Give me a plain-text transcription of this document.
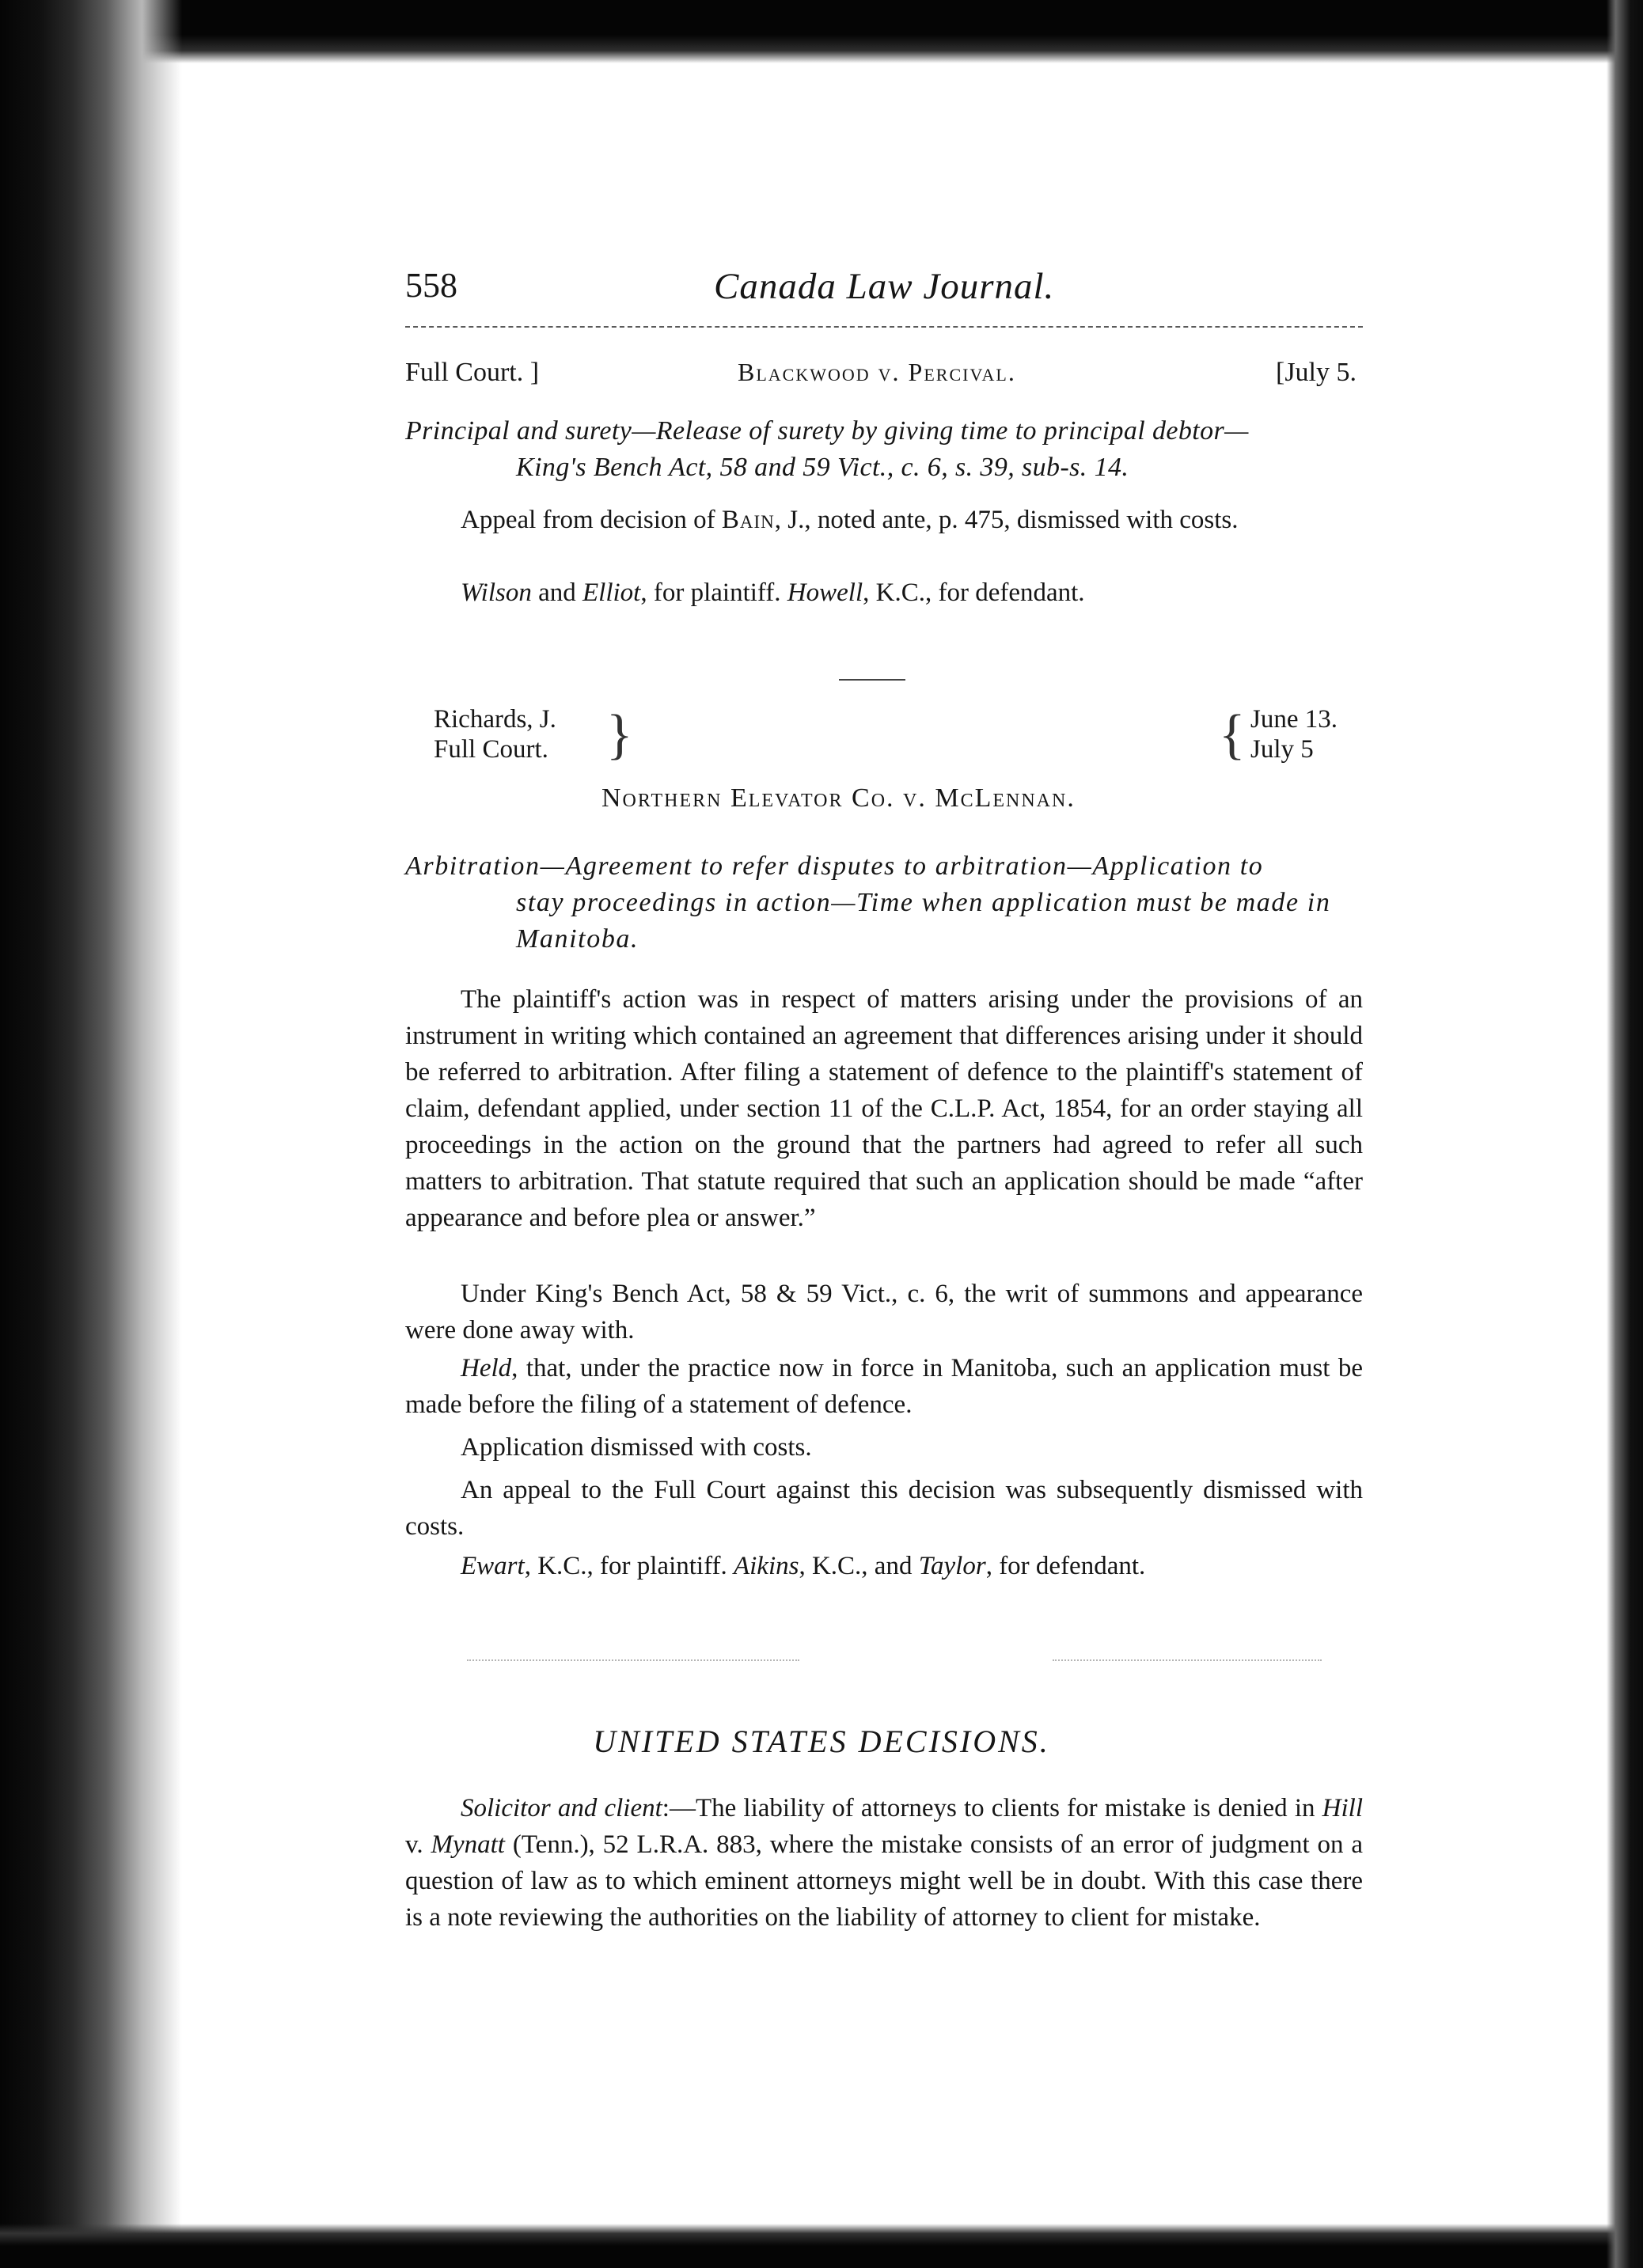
558	Canada Law Journal.
Full Court. ]	Blackwood v. Percival.	[July 5.
Principal and surety—Release of surety by giving time to principal debtor—
King's Bench Act, 58 and 59 Vict., c. 6, s. 39, sub-s. 14.
Appeal from decision of Bain, J., noted ante, p. 475, dismissed with costs.
Wilson and Elliot, for plaintiff. Howell, K.C., for defendant.
Richards, J.
Full Court.	}	{ June 13.
July 5
Northern Elevator Co. v. McLennan.
Arbitration—Agreement to refer disputes to arbitration—Application to
stay proceedings in action—Time when application must be made in
Manitoba.
The plaintiff's action was in respect of matters arising under the provisions of an instrument in writing which contained an agreement that differences arising under it should be referred to arbitration. After filing a statement of defence to the plaintiff's statement of claim, defendant applied, under section 11 of the C.L.P. Act, 1854, for an order staying all proceedings in the action on the ground that the partners had agreed to refer all such matters to arbitration. That statute required that such an application should be made “after appearance and before plea or answer.”
Under King's Bench Act, 58 & 59 Vict., c. 6, the writ of summons and appearance were done away with.
Held, that, under the practice now in force in Manitoba, such an application must be made before the filing of a statement of defence.
Application dismissed with costs.
An appeal to the Full Court against this decision was subsequently dismissed with costs.
Ewart, K.C., for plaintiff. Aikins, K.C., and Taylor, for defendant.
UNITED STATES DECISIONS.
Solicitor and client:—The liability of attorneys to clients for mistake is denied in Hill v. Mynatt (Tenn.), 52 L.R.A. 883, where the mistake consists of an error of judgment on a question of law as to which eminent attorneys might well be in doubt. With this case there is a note reviewing the authorities on the liability of attorney to client for mistake.
